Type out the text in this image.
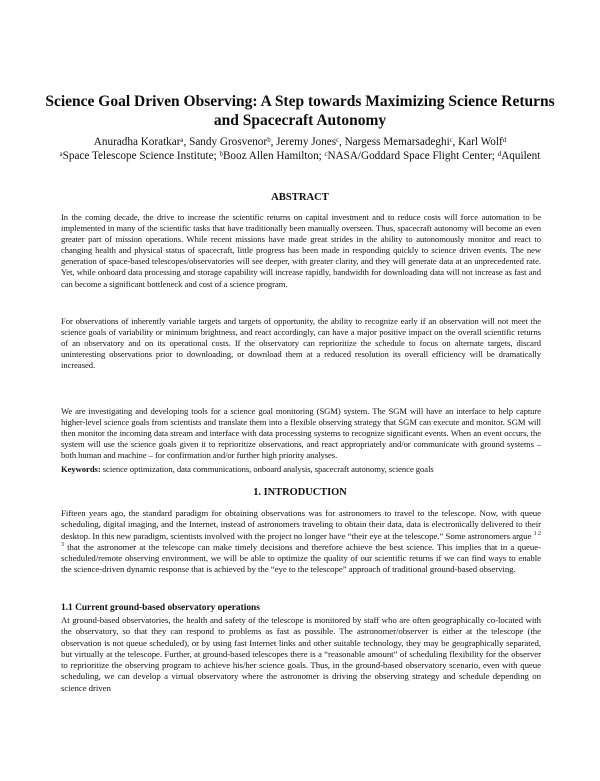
Science Goal Driven Observing: A Step towards Maximizing Science Returns and Spacecraft Autonomy
Anuradha Koratkarᵃ, Sandy Grosvenorᵇ, Jeremy Jonesᶜ, Nargess Memarsadeghiᶜ, Karl Wolfᵈ
ᵃSpace Telescope Science Institute; ᵇBooz Allen Hamilton; ᶜNASA/Goddard Space Flight Center; ᵈAquilent
ABSTRACT

In the coming decade, the drive to increase the scientific returns on capital investment and to reduce costs will force automation to be implemented in many of the scientific tasks that have traditionally been manually overseen. Thus, spacecraft autonomy will become an even greater part of mission operations. While recent missions have made great strides in the ability to autonomously monitor and react to changing health and physical status of spacecraft, little progress has been made in responding quickly to science driven events. The new generation of space-based telescopes/observatories will see deeper, with greater clarity, and they will generate data at an unprecedented rate. Yet, while onboard data processing and storage capability will increase rapidly, bandwidth for downloading data will not increase as fast and can become a significant bottleneck and cost of a science program.

For observations of inherently variable targets and targets of opportunity, the ability to recognize early if an observation will not meet the science goals of variability or minimum brightness, and react accordingly, can have a major positive impact on the overall scientific returns of an observatory and on its operational costs. If the observatory can reprioritize the schedule to focus on alternate targets, discard uninteresting observations prior to downloading, or download them at a reduced resolution its overall efficiency will be dramatically increased.

We are investigating and developing tools for a science goal monitoring (SGM) system. The SGM will have an interface to help capture higher-level science goals from scientists and translate them into a flexible observing strategy that SGM can execute and monitor. SGM will then monitor the incoming data stream and interface with data processing systems to recognize significant events. When an event occurs, the system will use the science goals given it to reprioritize observations, and react appropriately and/or communicate with ground systems – both human and machine – for confirmation and/or further high priority analyses.

Keywords: science optimization, data communications, onboard analysis, spacecraft autonomy, science goals

1. INTRODUCTION

Fifteen years ago, the standard paradigm for obtaining observations was for astronomers to travel to the telescope. Now, with queue scheduling, digital imaging, and the Internet, instead of astronomers traveling to obtain their data, data is electronically delivered to their desktop. In this new paradigm, scientists involved with the project no longer have “their eye at the telescope.” Some astronomers argue $^{1 2 3}$ that the astronomer at the telescope can make timely decisions and therefore achieve the best science. This implies that in a queue-scheduled/remote observing environment, we will be able to optimize the quality of our scientific returns if we can find ways to enable the science-driven dynamic response that is achieved by the “eye to the telescope” approach of traditional ground-based observing.

1.1 Current ground-based observatory operations

At ground-based observatories, the health and safety of the telescope is monitored by staff who are often geographically co-located with the observatory, so that they can respond to problems as fast as possible. The astronomer/observer is either at the telescope (the observation is not queue scheduled), or by using fast Internet links and other suitable technology, they may be geographically separated, but virtually at the telescope. Further, at ground-based telescopes there is a “reasonable amount” of scheduling flexibility for the observer to reprioritize the observing program to achieve his/her science goals. Thus, in the ground-based observatory scenario, even with queue scheduling, we can develop a virtual observatory where the astronomer is driving the observing strategy and schedule depending on science driven
